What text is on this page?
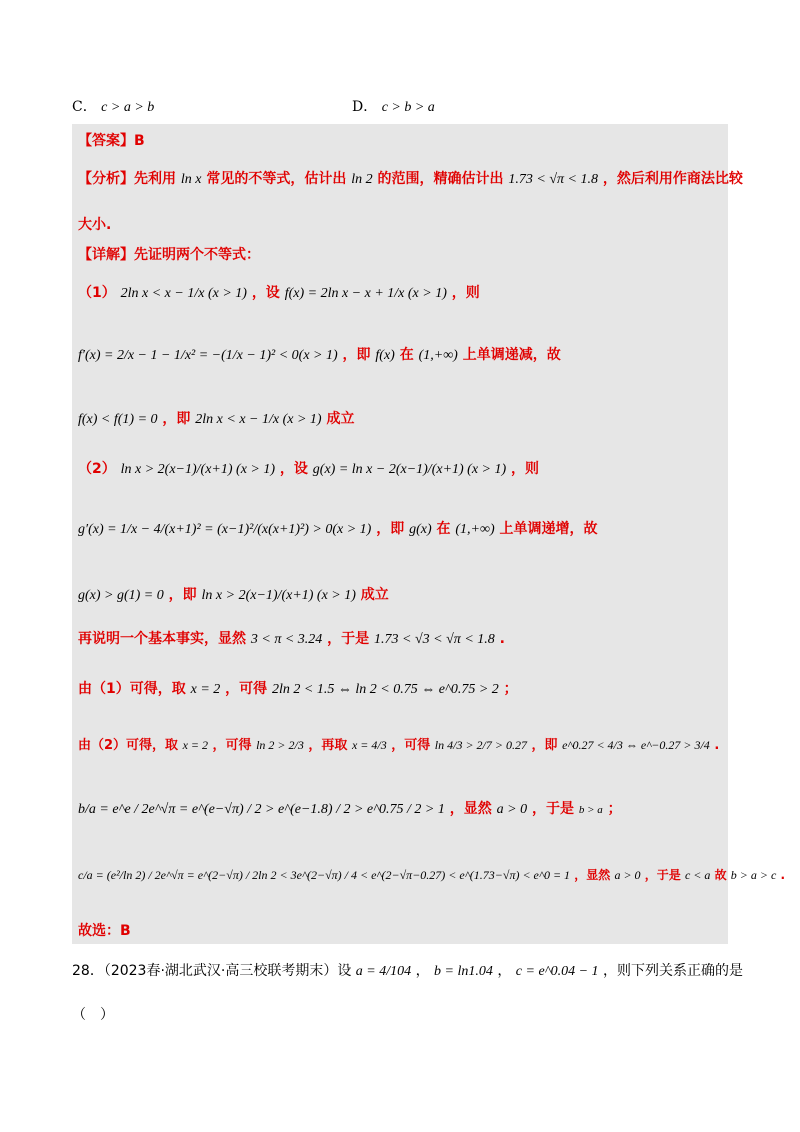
C． c > a > b	D． c > b > a
【答案】B
【分析】先利用 ln x 常见的不等式，估计出 ln 2 的范围，精确估计出 1.73 < √π < 1.8 ，然后利用作商法比较
大小.
【详解】先证明两个不等式：
（1） 2ln x < x − 1/x (x > 1) ，设 f(x) = 2ln x − x + 1/x (x > 1) ，则
f′(x) = 2/x − 1 − 1/x² = −(1/x − 1)² < 0(x > 1) ，即 f(x) 在 (1,+∞) 上单调递减，故
f(x) < f(1) = 0 ，即 2ln x < x − 1/x (x > 1) 成立
（2） ln x > 2(x−1)/(x+1) (x > 1) ，设 g(x) = ln x − 2(x−1)/(x+1) (x > 1) ，则
g′(x) = 1/x − 4/(x+1)² = (x−1)²/(x(x+1)²) > 0(x > 1) ，即 g(x) 在 (1,+∞) 上单调递增，故
g(x) > g(1) = 0 ，即 ln x > 2(x−1)/(x+1) (x > 1) 成立
再说明一个基本事实，显然 3 < π < 3.24 ，于是 1.73 < √3 < √π < 1.8 .
由（1）可得，取 x = 2 ，可得 2ln 2 < 1.5 ⇔ ln 2 < 0.75 ⇔ e^0.75 > 2 ；
由（2）可得，取 x = 2 ，可得 ln 2 > 2/3 ，再取 x = 4/3 ，可得 ln 4/3 > 2/7 > 0.27 ，即 e^0.27 < 4/3 ⇔ e^−0.27 > 3/4 .
b/a = e^e / 2e^√π = e^(e−√π) / 2 > e^(e−1.8) / 2 > e^0.75 / 2 > 1 ，显然 a > 0 ，于是 b > a ；
c/a = (e²/ln 2) / 2e^√π = e^(2−√π) / 2ln 2 < 3e^(2−√π) / 4 < e^(2−√π−0.27) < e^(1.73−√π) < e^0 = 1 ，显然 a > 0 ，于是 c < a 故 b > a > c .
故选：B
28．（2023春·湖北武汉·高三校联考期末）设 a = 4/104 ， b = ln1.04 ， c = e^0.04 − 1 ，则下列关系正确的是
（　）
